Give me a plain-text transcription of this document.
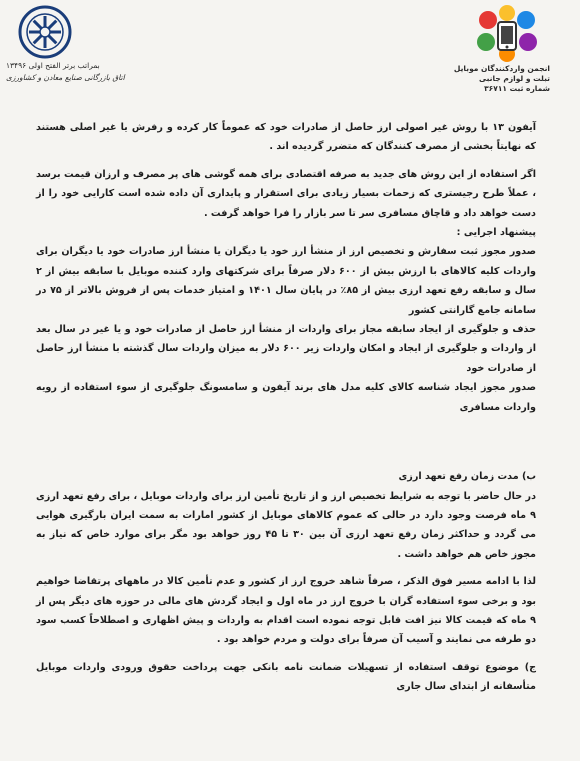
انجمن واردکنندگان موبایل
تبلت و لوازم جانبی
شماره ثبت ۳۶۷۱۱
بمراتب برتر الفتح اولی ۱۳۴۹۶
اتاق بازرگانی صنایع معادن و کشاورزی

آیفون ۱۳ با روش غیر اصولی ارز حاصل از صادرات خود که عموماً کار کرده و رفرش یا غیر اصلی هستند که نهایتاً بخشی از مصرف کنندگان که متضرر گردیده اند .

اگر استفاده از این روش های جدید به صرفه اقتصادی برای همه گوشی های پر مصرف و ارزان قیمت برسد ، عملاً طرح رجیستری که زحمات بسیار زیادی برای استقرار و پایداری آن داده شده است کارایی خود را از دست خواهد داد و قاچاق مسافری سر تا سر بازار را فرا خواهد گرفت .

پیشنهاد اجرایی :

صدور مجوز ثبت سفارش و تخصیص ارز از منشأ ارز خود یا دیگران یا منشأ ارز صادرات خود یا دیگران برای واردات کلیه کالاهای با ارزش بیش از ۶۰۰ دلار صرفاً برای شرکتهای وارد کننده موبایل با سابقه بیش از ۲ سال و سابقه رفع تعهد ارزی بیش از ۸۵٪ در پایان سال ۱۴۰۱ و امتیاز خدمات پس از فروش بالاتر از ۷۵ در سامانه جامع گارانتی کشور

حذف و جلوگیری از ایجاد سابقه مجاز برای واردات از منشأ ارز حاصل از صادرات خود و یا غیر در سال بعد از واردات و جلوگیری از ایجاد و امکان واردات زیر ۶۰۰ دلار به میزان واردات سال گذشته با منشأ ارز حاصل از صادرات خود

صدور مجوز ایجاد شناسه کالای کلیه مدل های برند آیفون و سامسونگ جلوگیری از سوء استفاده از رویه واردات مسافری

ب) مدت زمان رفع تعهد ارزی

در حال حاضر با توجه به شرایط تخصیص ارز و از تاریخ تأمین ارز برای واردات موبایل ، برای رفع تعهد ارزی ۹ ماه فرصت وجود دارد در حالی که عموم کالاهای موبایل از کشور امارات به سمت ایران بارگیری هوایی می گردد و حداکثر زمان رفع تعهد ارزی آن بین ۳۰ تا ۴۵ روز خواهد بود مگر برای موارد خاص که نیاز به مجوز خاص هم خواهد داشت .

لذا با ادامه مسیر فوق الذکر ، صرفاً شاهد خروج ارز از کشور و عدم تأمین کالا در ماههای پرتقاضا خواهیم بود و برخی سوء استفاده گران با خروج ارز در ماه اول و ایجاد گردش های مالی در حوزه های دیگر پس از ۹ ماه که قیمت کالا نیز افت قابل توجه نموده است اقدام به واردات و پیش اظهاری و اصطلاحاً کسب سود دو طرفه می نمایند و آسیب آن صرفاً برای دولت و مردم خواهد بود .

ج) موضوع توقف استفاده از تسهیلات ضمانت نامه بانکی جهت پرداخت حقوق ورودی واردات موبایل متأسفانه از ابتدای سال جاری
